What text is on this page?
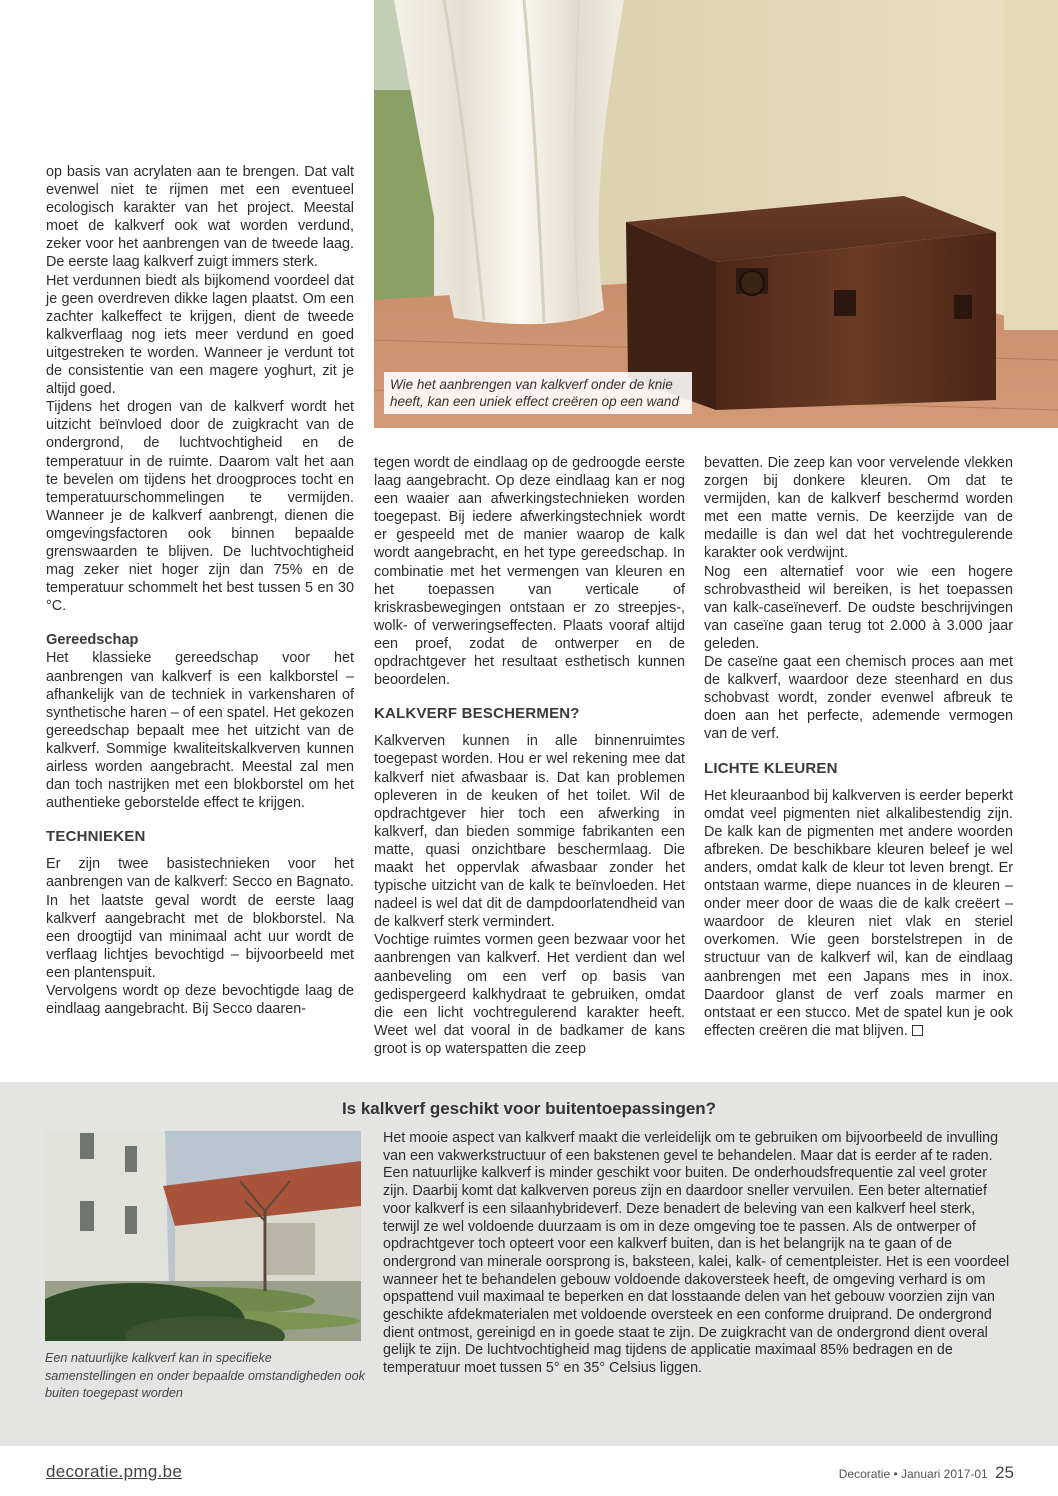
Wie het aanbrengen van kalkverf onder de knie heeft, kan een uniek effect creëren op een wand

op basis van acrylaten aan te brengen. Dat valt evenwel niet te rijmen met een eventueel ecologisch karakter van het project. Meestal moet de kalkverf ook wat worden verdund, zeker voor het aanbrengen van de tweede laag. De eerste laag kalkverf zuigt immers sterk.

Het verdunnen biedt als bijkomend voordeel dat je geen overdreven dikke lagen plaatst. Om een zachter kalkeffect te krijgen, dient de tweede kalkverflaag nog iets meer verdund en goed uitgestreken te worden. Wanneer je verdunt tot de consistentie van een magere yoghurt, zit je altijd goed.

Tijdens het drogen van de kalkverf wordt het uitzicht beïnvloed door de zuigkracht van de ondergrond, de luchtvochtigheid en de temperatuur in de ruimte. Daarom valt het aan te bevelen om tijdens het droogproces tocht en temperatuurschommelingen te vermijden. Wanneer je de kalkverf aanbrengt, dienen die omgevingsfactoren ook binnen bepaalde grenswaarden te blijven. De luchtvochtigheid mag zeker niet hoger zijn dan 75% en de temperatuur schommelt het best tussen 5 en 30 °C.

Gereedschap

Het klassieke gereedschap voor het aanbrengen van kalkverf is een kalkborstel – afhankelijk van de techniek in varkensharen of synthetische haren – of een spatel. Het gekozen gereedschap bepaalt mee het uitzicht van de kalkverf. Sommige kwaliteitskalkverven kunnen airless worden aangebracht. Meestal zal men dan toch nastrijken met een blokborstel om het authentieke geborstelde effect te krijgen.

TECHNIEKEN

Er zijn twee basistechnieken voor het aanbrengen van de kalkverf: Secco en Bagnato. In het laatste geval wordt de eerste laag kalkverf aangebracht met de blokborstel. Na een droogtijd van minimaal acht uur wordt de verflaag lichtjes bevochtigd – bijvoorbeeld met een plantenspuit.

Vervolgens wordt op deze bevochtigde laag de eindlaag aangebracht. Bij Secco daaren-

tegen wordt de eindlaag op de gedroogde eerste laag aangebracht. Op deze eindlaag kan er nog een waaier aan afwerkingstechnieken worden toegepast. Bij iedere afwerkingstechniek wordt er gespeeld met de manier waarop de kalk wordt aangebracht, en het type gereedschap. In combinatie met het vermengen van kleuren en het toepassen van verticale of kriskrasbewegingen ontstaan er zo streepjes-, wolk- of verweringseffecten. Plaats vooraf altijd een proef, zodat de ontwerper en de opdrachtgever het resultaat esthetisch kunnen beoordelen.

KALKVERF BESCHERMEN?

Kalkverven kunnen in alle binnenruimtes toegepast worden. Hou er wel rekening mee dat kalkverf niet afwasbaar is. Dat kan problemen opleveren in de keuken of het toilet. Wil de opdrachtgever hier toch een afwerking in kalkverf, dan bieden sommige fabrikanten een matte, quasi onzichtbare beschermlaag. Die maakt het oppervlak afwasbaar zonder het typische uitzicht van de kalk te beïnvloeden. Het nadeel is wel dat dit de dampdoorlatendheid van de kalkverf sterk vermindert.

Vochtige ruimtes vormen geen bezwaar voor het aanbrengen van kalkverf. Het verdient dan wel aanbeveling om een verf op basis van gedispergeerd kalkhydraat te gebruiken, omdat die een licht vochtregulerend karakter heeft. Weet wel dat vooral in de badkamer de kans groot is op waterspatten die zeep

bevatten. Die zeep kan voor vervelende vlekken zorgen bij donkere kleuren. Om dat te vermijden, kan de kalkverf beschermd worden met een matte vernis. De keerzijde van de medaille is dan wel dat het vochtregulerende karakter ook verdwijnt.

Nog een alternatief voor wie een hogere schrobvastheid wil bereiken, is het toepassen van kalk-caseïneverf. De oudste beschrijvingen van caseïne gaan terug tot 2.000 à 3.000 jaar geleden.

De caseïne gaat een chemisch proces aan met de kalkverf, waardoor deze steenhard en dus schobvast wordt, zonder evenwel afbreuk te doen aan het perfecte, ademende vermogen van de verf.

LICHTE KLEUREN

Het kleuraanbod bij kalkverven is eerder beperkt omdat veel pigmenten niet alkalibestendig zijn. De kalk kan de pigmenten met andere woorden afbreken. De beschikbare kleuren beleef je wel anders, omdat kalk de kleur tot leven brengt. Er ontstaan warme, diepe nuances in de kleuren – onder meer door de waas die de kalk creëert – waardoor de kleuren niet vlak en steriel overkomen. Wie geen borstelstrepen in de structuur van de kalkverf wil, kan de eindlaag aanbrengen met een Japans mes in inox. Daardoor glanst de verf zoals marmer en ontstaat er een stucco. Met de spatel kun je ook effecten creëren die mat blijven.

Is kalkverf geschikt voor buitentoepassingen?
Een natuurlijke kalkverf kan in specifieke samenstellingen en onder bepaalde omstandigheden ook buiten toegepast worden
Het mooie aspect van kalkverf maakt die verleidelijk om te gebruiken om bijvoorbeeld de invulling van een vakwerkstructuur of een bakstenen gevel te behandelen. Maar dat is eerder af te raden. Een natuurlijke kalkverf is minder geschikt voor buiten. De onderhoudsfrequentie zal veel groter zijn. Daarbij komt dat kalkverven poreus zijn en daardoor sneller vervuilen. Een beter alternatief voor kalkverf is een silaanhybrideverf. Deze benadert de beleving van een kalkverf heel sterk, terwijl ze wel voldoende duurzaam is om in deze omgeving toe te passen. Als de ontwerper of opdrachtgever toch opteert voor een kalkverf buiten, dan is het belangrijk na te gaan of de ondergrond van minerale oorsprong is, baksteen, kalei, kalk- of cementpleister. Het is een voordeel wanneer het te behandelen gebouw voldoende dakoversteek heeft, de omgeving verhard is om opspattend vuil maximaal te beperken en dat losstaande delen van het gebouw voorzien zijn van geschikte afdekmaterialen met voldoende oversteek en een conforme druiprand. De ondergrond dient ontmost, gereinigd en in goede staat te zijn. De zuigkracht van de ondergrond dient overal gelijk te zijn. De luchtvochtigheid mag tijdens de applicatie maximaal 85% bedragen en de temperatuur moet tussen 5° en 35° Celsius liggen.
decoratie.pmg.be	Decoratie • Januari 2017-01 25
